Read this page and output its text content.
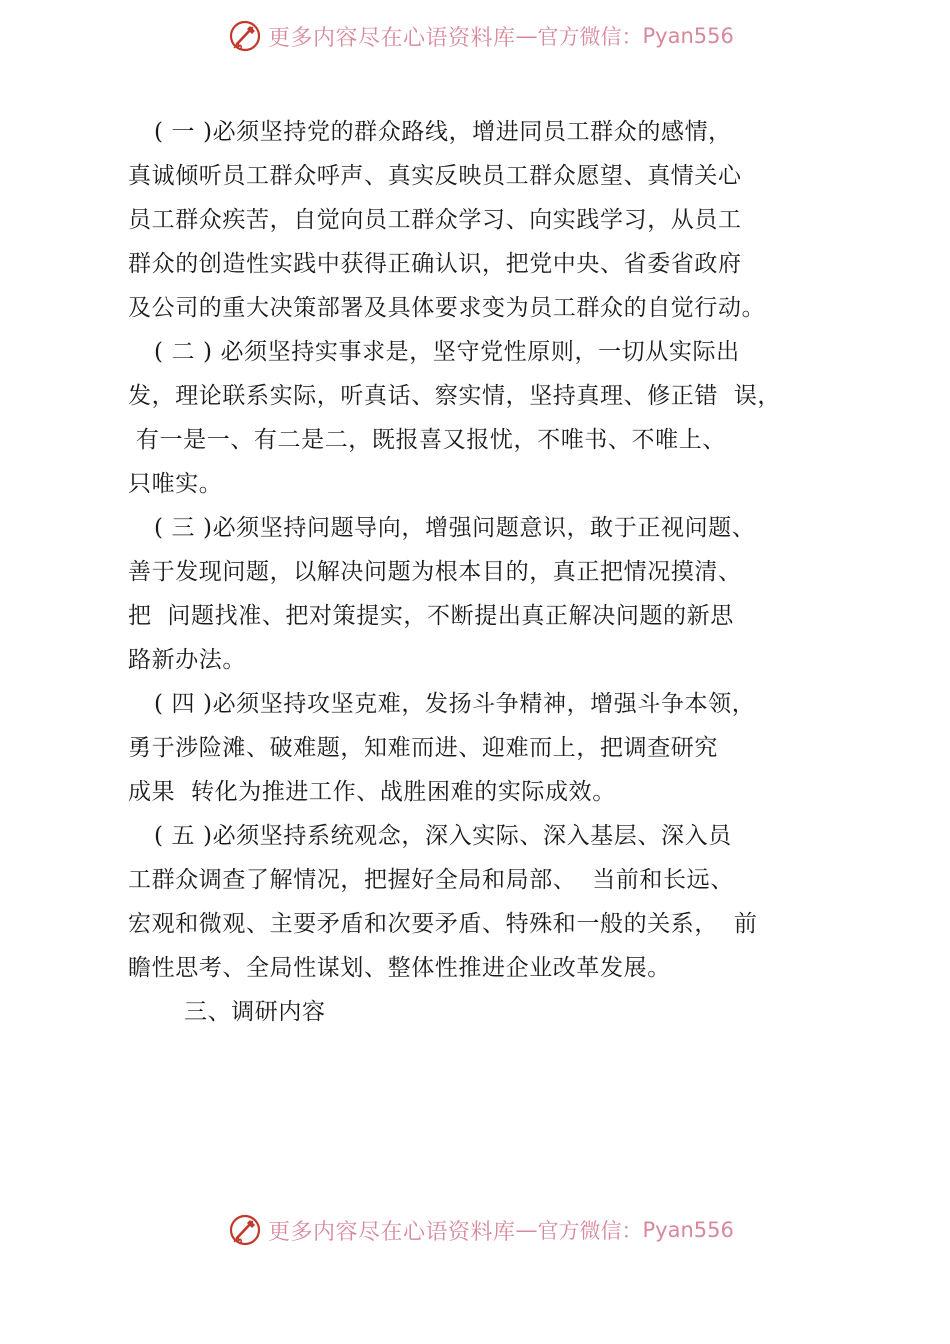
更多内容尽在心语资料库 — 官方微信： Pyan556

( 一 )必须坚持党的群众路线，增进同员工群众的感情，
真诚倾听员工群众呼声、真实反映员工群众愿望、真情关心
员工群众疾苦，自觉向员工群众学习、向实践学习，从员工
群众的创造性实践中获得正确认识，把党中央、省委省政府
及公司的重大决策部署及具体要求变为员工群众的自觉行动。

( 二 ) 必须坚持实事求是，坚守党性原则，一切从实际出
发，理论联系实际，听真话、察实情，坚持真理、修正错  误，
有一是一、有二是二，既报喜又报忧，不唯书、不唯上、
只唯实。

( 三 )必须坚持问题导向，增强问题意识，敢于正视问题、
善于发现问题，以解决问题为根本目的，真正把情况摸清、
把  问题找准、把对策提实，不断提出真正解决问题的新思
路新办法。

( 四 )必须坚持攻坚克难，发扬斗争精神，增强斗争本领，
勇于涉险滩、破难题，知难而进、迎难而上，把调查研究
成果  转化为推进工作、战胜困难的实际成效。

( 五 )必须坚持系统观念，深入实际、深入基层、深入员
工群众调查了解情况，把握好全局和局部、  当前和长远、
宏观和微观、主要矛盾和次要矛盾、特殊和一般的关系，  前
瞻性思考、全局性谋划、整体性推进企业改革发展。

三、调研内容

更多内容尽在心语资料库 — 官方微信： Pyan556
